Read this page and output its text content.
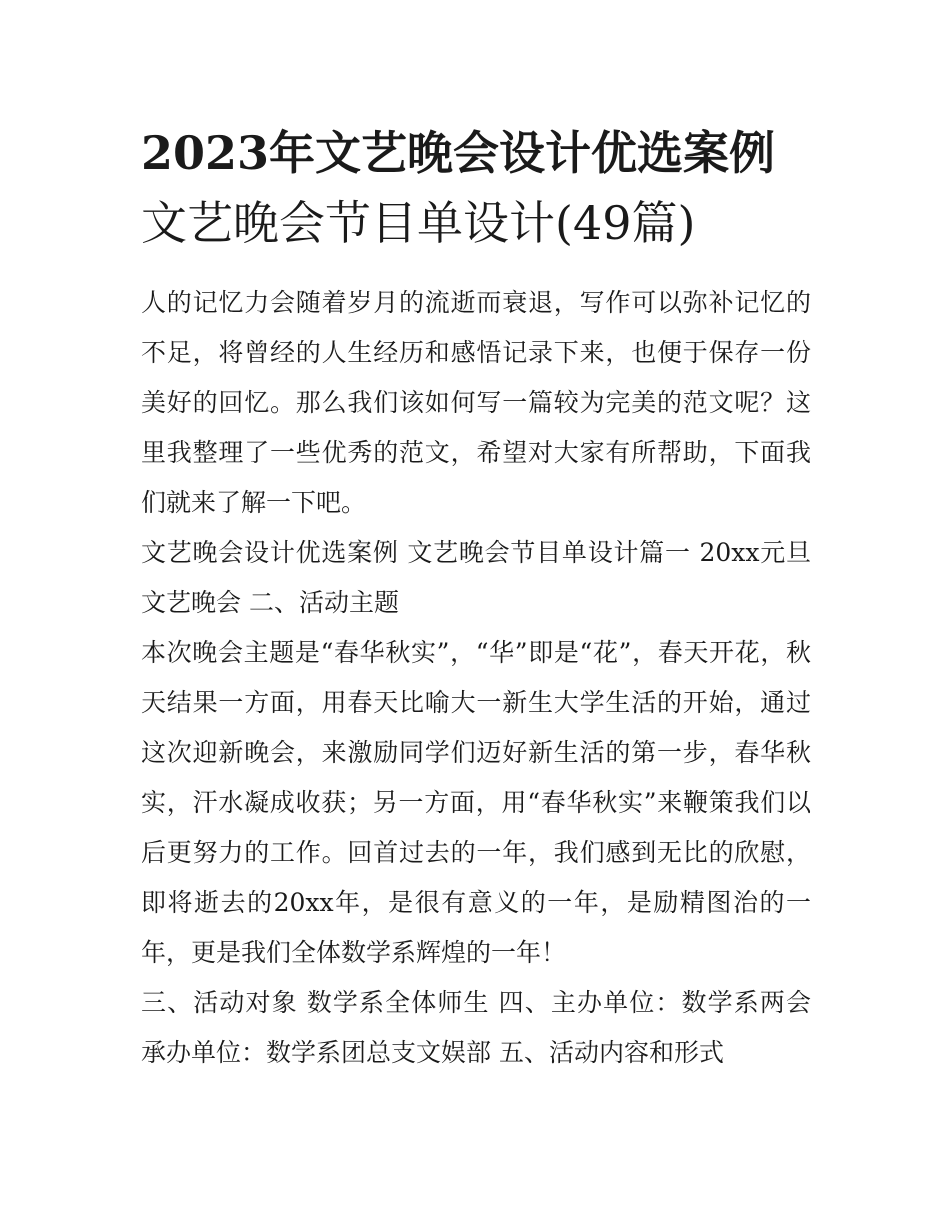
2023年文艺晚会设计优选案例
文艺晚会节目单设计(49篇)

人的记忆力会随着岁月的流逝而衰退，写作可以弥补记忆的不足，将曾经的人生经历和感悟记录下来，也便于保存一份美好的回忆。那么我们该如何写一篇较为完美的范文呢？这里我整理了一些优秀的范文，希望对大家有所帮助，下面我们就来了解一下吧。

文艺晚会设计优选案例 文艺晚会节目单设计篇一 20xx元旦文艺晚会 二、活动主题

本次晚会主题是“春华秋实”，“华”即是“花”，春天开花，秋天结果一方面，用春天比喻大一新生大学生活的开始，通过这次迎新晚会，来激励同学们迈好新生活的第一步，春华秋实，汗水凝成收获；另一方面，用“春华秋实”来鞭策我们以后更努力的工作。回首过去的一年，我们感到无比的欣慰，即将逝去的20xx年，是很有意义的一年，是励精图治的一年，更是我们全体数学系辉煌的一年！

三、活动对象 数学系全体师生 四、主办单位：数学系两会 承办单位：数学系团总支文娱部 五、活动内容和形式
